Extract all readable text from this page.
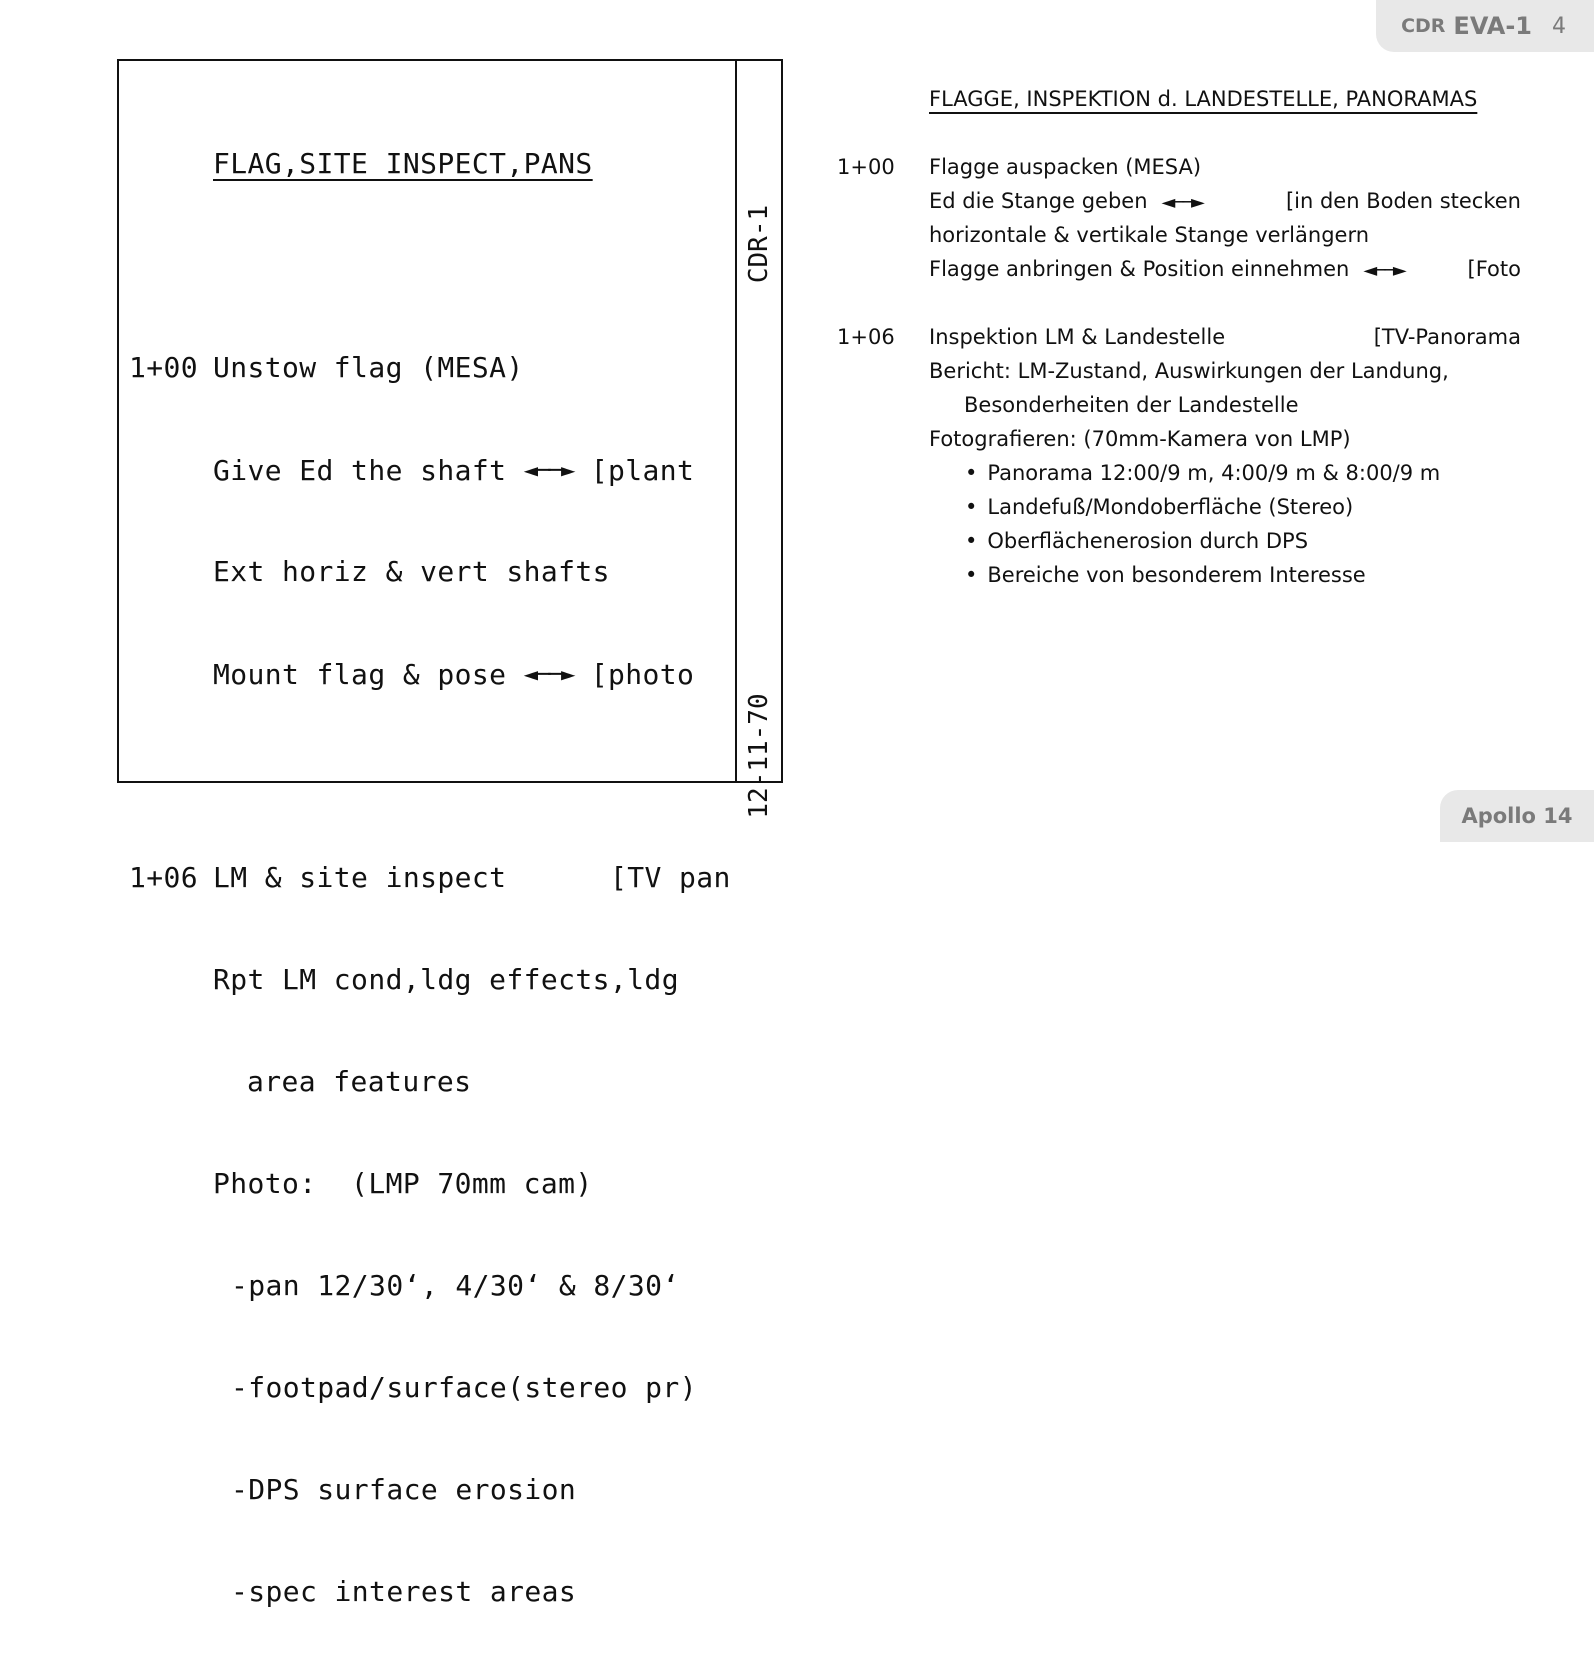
CDR EVA-1 4
CDR-1
12-11-70

FLAG,SITE INSPECT,PANS

1+00 Unstow flag (MESA)

Give Ed the shaft ◄──► [plant

Ext horiz & vert shafts

Mount flag & pose ◄──► [photo

1+06 LM & site inspect	[TV pan

Rpt LM cond,ldg effects,ldg

area features

Photo:  (LMP 70mm cam)

-pan 12/30‘, 4/30‘ & 8/30‘

-footpad/surface(stereo pr)

-DPS surface erosion

-spec interest areas

FLAGGE, INSPEKTION d. LANDESTELLE, PANORAMAS
1+00 Flagge auspacken (MESA)
Ed die Stange geben ◄──►	[in den Boden stecken
horizontale & vertikale Stange verlängern
Flagge anbringen & Position einnehmen ◄──►	[Foto
1+06 Inspektion LM & Landestelle	[TV-Panorama
Bericht: LM-Zustand, Auswirkungen der Landung,
Besonderheiten der Landestelle
Fotografieren: (70mm-Kamera von LMP)
• Panorama 12:00/9 m, 4:00/9 m & 8:00/9 m
• Landefuß/Mondoberfläche (Stereo)
• Oberflächenerosion durch DPS
• Bereiche von besonderem Interesse
Apollo 14
